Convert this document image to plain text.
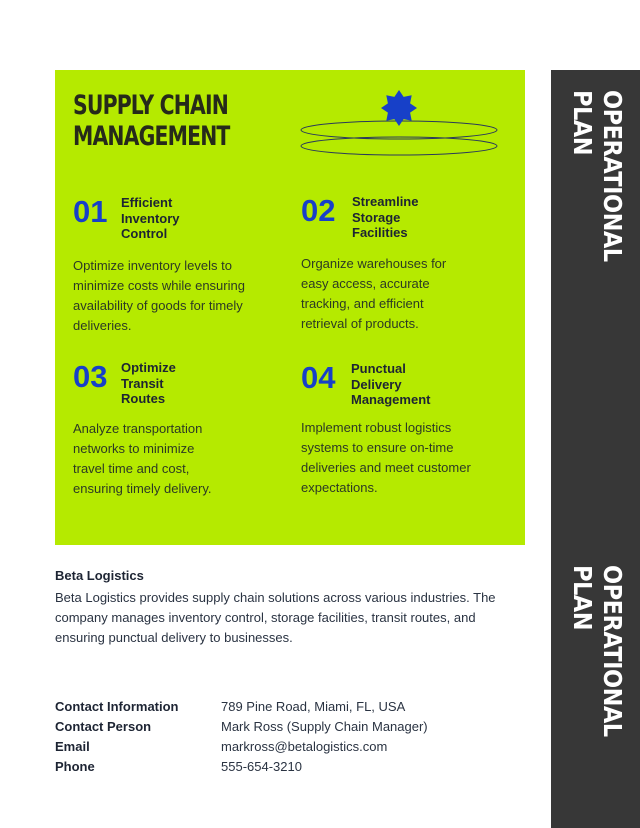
SUPPLY CHAIN
MANAGEMENT
01	Efficient
Inventory
Control
Optimize inventory levels to
minimize costs while ensuring
availability of goods for timely
deliveries.
02	Streamline
Storage
Facilities
Organize warehouses for
easy access, accurate
tracking, and efficient
retrieval of products.
03	Optimize
Transit
Routes
Analyze transportation
networks to minimize
travel time and cost,
ensuring timely delivery.
04	Punctual
Delivery
Management
Implement robust logistics
systems to ensure on-time
deliveries and meet customer
expectations.
Beta Logistics
Beta Logistics provides supply chain solutions across various industries. The
company manages inventory control, storage facilities, transit routes, and
ensuring punctual delivery to businesses.
Contact Information	789 Pine Road, Miami, FL, USA
Contact Person	Mark Ross (Supply Chain Manager)
Email	markross@betalogistics.com
Phone	555-654-3210
OPERATIONAL
PLAN
OPERATIONAL
PLAN
